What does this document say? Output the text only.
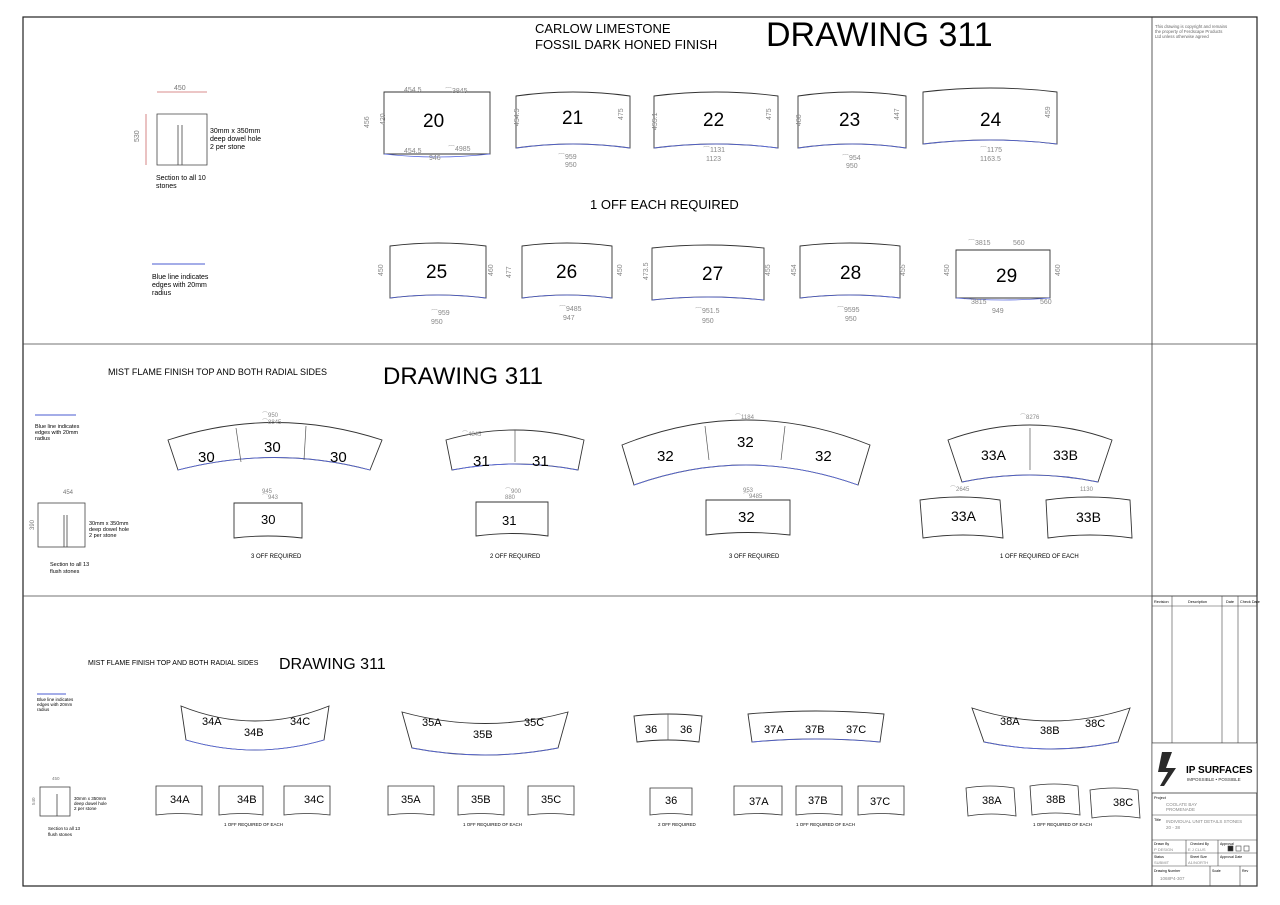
CARLOW LIMESTONE
FOSSIL DARK HONED FINISH DRAWING 311
450
530	30mm x 350mm
deep dowel hole
2 per stone
Section to all 10
stones
Blue line indicates
edges with 20mm
radius
1 OFF EACH REQUIRED
20
454.5
454.5
946
456 420
⌒3845
⌒4985
21
454.5
⌒959
950
475	22
455.1
⌒1131
1123
475	23
480
⌒954
950
447	24
⌒1175
1163.5
459
25
450
⌒959
950
460	26
477
⌒9485
947
450	27
473.5
⌒951.5
950
455	28
454
⌒9595
950
455	29
⌒3815	560
560
⌒3815
949
450	460
MIST FLAME FINISH TOP AND BOTH RADIAL SIDES DRAWING 311
Blue line indicates
edges with 20mm
radius
454
390	30mm x 350mm
deep dowel hole
2 per stone
Section to all 13
flush stones
30
30
30
⌒950
⌒8845
30
945
⌒943
3 OFF REQUIRED
31	31
⌒4845
31
⌒900
880
2 OFF REQUIRED
32
32
32
⌒1184
32
953
⌒9485
3 OFF REQUIRED
33A	33B
⌒8276
33A	33B
⌒2645	1130
1 OFF REQUIRED OF EACH
MIST FLAME FINISH TOP AND BOTH RADIAL SIDES DRAWING 311
Blue line indicates
edges with 20mm
radius
450
540	30mm x 350mm
deep dowel hole
2 per stone
Section to all 13
flush stones
34A
34B
34C
34A	34B	34C
1 OFF REQUIRED OF EACH
35A
35B
35C
35A	35B	35C
1 OFF REQUIRED OF EACH
36 36
36
2 OFF REQUIRED
37A 37B 37C
37A	37B	37C
1 OFF REQUIRED OF EACH
38A
38B
38C
38A	38B	38C
1 OFF REQUIRED OF EACH
This drawing is copyright and remains
the property of Ferdscape Products
Ltd unless otherwise agreed
Revision	Description	Date Check Date
IP SURFACES
IMPOSSIBLE • POSSIBLE
Project
COOLATE BAY
PROMENADE
Title INDIVIDUAL UNIT DETAILS STONES
20 - 38
Drawn By
P DESIGN
Checked By
E J CLUS
Approval
Status
SUBMIT
Sheet Size
A1/NORTH
Approval Date
Drawing Number
1068P4-307
Scale	Rev
